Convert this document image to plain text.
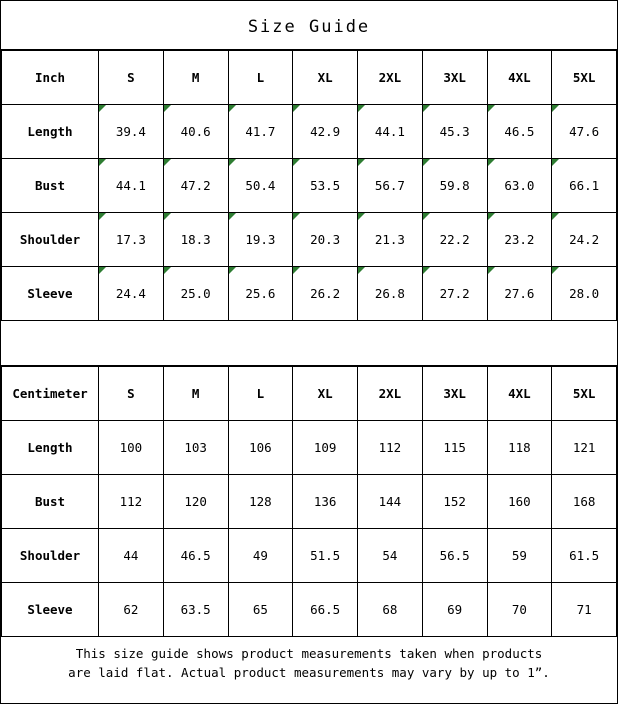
Size Guide
Inch	S	M	L	XL	2XL	3XL	4XL	5XL
Length	39.4	40.6	41.7	42.9	44.1	45.3	46.5	47.6
Bust	44.1	47.2	50.4	53.5	56.7	59.8	63.0	66.1
Shoulder	17.3	18.3	19.3	20.3	21.3	22.2	23.2	24.2
Sleeve	24.4	25.0	25.6	26.2	26.8	27.2	27.6	28.0
Centimeter	S	M	L	XL	2XL	3XL	4XL	5XL
Length	100	103	106	109	112	115	118	121
Bust	112	120	128	136	144	152	160	168
Shoulder	44	46.5	49	51.5	54	56.5	59	61.5
Sleeve	62	63.5	65	66.5	68	69	70	71
This size guide shows product measurements taken when products
are laid flat. Actual product measurements may vary by up to 1”.
